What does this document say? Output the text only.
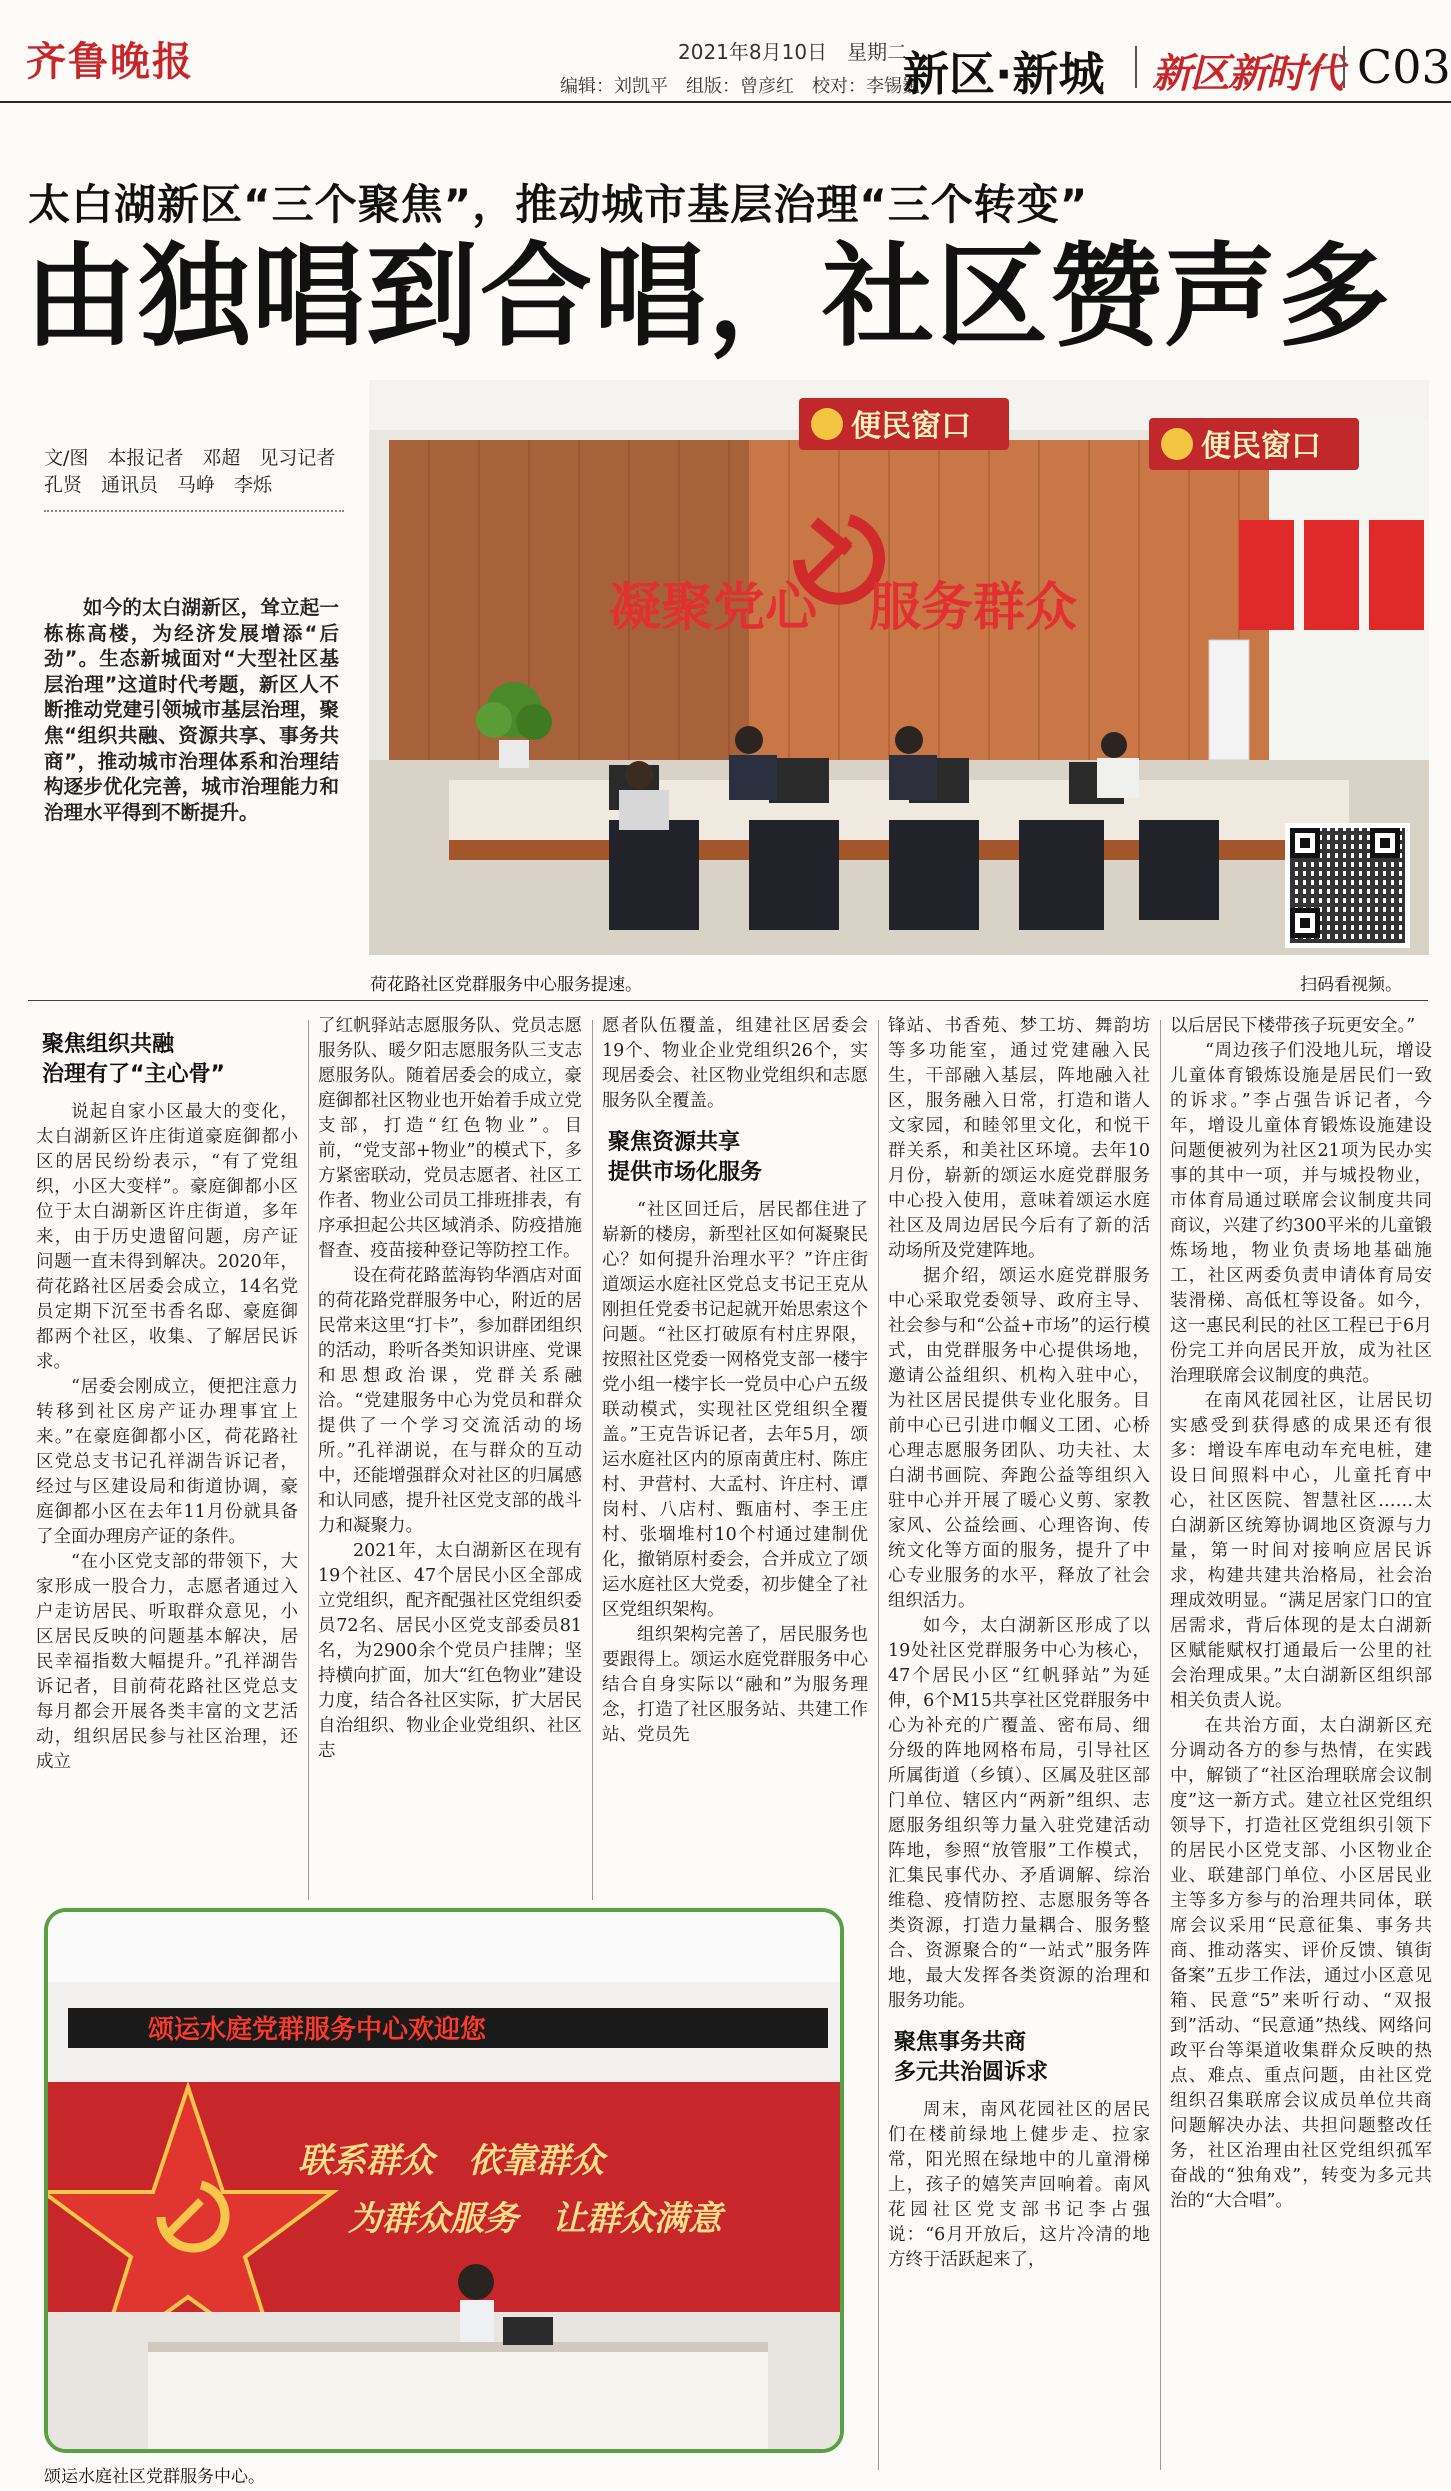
齐鲁晚报	2021年8月10日　 星期二
编辑：刘凯平　 组版：曾彦红　 校对：李锡巍
新区·新城 新区新时代 C03
太白湖新区“三个聚焦”，推动城市基层治理“三个转变”
由独唱到合唱，社区赞声多
凝聚党心　服务群众
便民窗口
便民窗口
荷花路社区党群服务中心服务提速。	扫码看视频。
文/图　本报记者　邓超　见习记者
孔贤　通讯员　马峥　李烁
如今的太白湖新区，耸立起一栋栋高楼，为经济发展增添“后劲”。生态新城面对“大型社区基层治理”这道时代考题，新区人不断推动党建引领城市基层治理，聚焦“组织共融、资源共享、事务共商”，推动城市治理体系和治理结构逐步优化完善，城市治理能力和治理水平得到不断提升。
聚焦组织共融
治理有了“主心骨”

说起自家小区最大的变化，太白湖新区许庄街道豪庭御都小区的居民纷纷表示，“有了党组织，小区大变样”。豪庭御都小区位于太白湖新区许庄街道，多年来，由于历史遗留问题，房产证问题一直未得到解决。2020年，荷花路社区居委会成立，14名党员定期下沉至书香名邸、豪庭御都两个社区，收集、了解居民诉求。

“居委会刚成立，便把注意力转移到社区房产证办理事宜上来。”在豪庭御都小区，荷花路社区党总支书记孔祥湖告诉记者，经过与区建设局和街道协调，豪庭御都小区在去年11月份就具备了全面办理房产证的条件。

“在小区党支部的带领下，大家形成一股合力，志愿者通过入户走访居民、听取群众意见，小区居民反映的问题基本解决，居民幸福指数大幅提升。”孔祥湖告诉记者，目前荷花路社区党总支每月都会开展各类丰富的文艺活动，组织居民参与社区治理，还成立

了红帆驿站志愿服务队、党员志愿服务队、暖夕阳志愿服务队三支志愿服务队。随着居委会的成立，豪庭御都社区物业也开始着手成立党支部，打造“红色物业”。目前，“党支部+物业”的模式下，多方紧密联动，党员志愿者、社区工作者、物业公司员工排班排表，有序承担起公共区域消杀、防疫措施督查、疫苗接种登记等防控工作。

设在荷花路蓝海钧华酒店对面的荷花路党群服务中心，附近的居民常来这里“打卡”，参加群团组织的活动，聆听各类知识讲座、党课和思想政治课，党群关系融洽。“党建服务中心为党员和群众提供了一个学习交流活动的场所。”孔祥湖说，在与群众的互动中，还能增强群众对社区的归属感和认同感，提升社区党支部的战斗力和凝聚力。

2021年，太白湖新区在现有19个社区、47个居民小区全部成立党组织，配齐配强社区党组织委员72名、居民小区党支部委员81名，为2900余个党员户挂牌；坚持横向扩面，加大“红色物业”建设力度，结合各社区实际，扩大居民自治组织、物业企业党组织、社区志

愿者队伍覆盖，组建社区居委会19个、物业企业党组织26个，实现居委会、社区物业党组织和志愿服务队全覆盖。

聚焦资源共享
提供市场化服务

“社区回迁后，居民都住进了崭新的楼房，新型社区如何凝聚民心？如何提升治理水平？”许庄街道颂运水庭社区党总支书记王克从刚担任党委书记起就开始思索这个问题。“社区打破原有村庄界限，按照社区党委一网格党支部一楼宇党小组一楼宇长一党员中心户五级联动模式，实现社区党组织全覆盖。”王克告诉记者，去年5月，颂运水庭社区内的原南黄庄村、陈庄村、尹营村、大孟村、许庄村、谭岗村、八店村、甄庙村、李王庄村、张堌堆村10个村通过建制优化，撤销原村委会，合并成立了颂运水庭社区大党委，初步健全了社区党组织架构。

组织架构完善了，居民服务也要跟得上。颂运水庭党群服务中心结合自身实际以“融和”为服务理念，打造了社区服务站、共建工作站、党员先

锋站、书香苑、梦工坊、舞韵坊等多功能室，通过党建融入民生，干部融入基层，阵地融入社区，服务融入日常，打造和谐人文家园，和睦邻里文化，和悦干群关系，和美社区环境。去年10月份，崭新的颂运水庭党群服务中心投入使用，意味着颂运水庭社区及周边居民今后有了新的活动场所及党建阵地。

据介绍，颂运水庭党群服务中心采取党委领导、政府主导、社会参与和“公益+市场”的运行模式，由党群服务中心提供场地，邀请公益组织、机构入驻中心，为社区居民提供专业化服务。目前中心已引进巾帼义工团、心桥心理志愿服务团队、功夫社、太白湖书画院、奔跑公益等组织入驻中心并开展了暖心义剪、家教家风、公益绘画、心理咨询、传统文化等方面的服务，提升了中心专业服务的水平，释放了社会组织活力。

如今，太白湖新区形成了以19处社区党群服务中心为核心，47个居民小区“红帆驿站”为延伸，6个M15共享社区党群服务中心为补充的广覆盖、密布局、细分级的阵地网格布局，引导社区所属街道（乡镇）、区属及驻区部门单位、辖区内“两新”组织、志愿服务组织等力量入驻党建活动阵地，参照“放管服”工作模式，汇集民事代办、矛盾调解、综治维稳、疫情防控、志愿服务等各类资源，打造力量耦合、服务整合、资源聚合的“一站式”服务阵地，最大发挥各类资源的治理和服务功能。

聚焦事务共商
多元共治圆诉求

周末，南风花园社区的居民们在楼前绿地上健步走、拉家常，阳光照在绿地中的儿童滑梯上，孩子的嬉笑声回响着。南风花园社区党支部书记李占强说：“6月开放后，这片冷清的地方终于活跃起来了，

以后居民下楼带孩子玩更安全。”

“周边孩子们没地儿玩，增设儿童体育锻炼设施是居民们一致的诉求。”李占强告诉记者，今年，增设儿童体育锻炼设施建设问题便被列为社区21项为民办实事的其中一项，并与城投物业，市体育局通过联席会议制度共同商议，兴建了约300平米的儿童锻炼场地，物业负责场地基础施工，社区两委负责申请体育局安装滑梯、高低杠等设备。如今，这一惠民利民的社区工程已于6月份完工并向居民开放，成为社区治理联席会议制度的典范。

在南风花园社区，让居民切实感受到获得感的成果还有很多：增设车库电动车充电桩，建设日间照料中心，儿童托育中心，社区医院、智慧社区……太白湖新区统筹协调地区资源与力量，第一时间对接响应居民诉求，构建共建共治格局，社会治理成效明显。“满足居家门口的宜居需求，背后体现的是太白湖新区赋能赋权打通最后一公里的社会治理成果。”太白湖新区组织部相关负责人说。

在共治方面，太白湖新区充分调动各方的参与热情，在实践中，解锁了“社区治理联席会议制度”这一新方式。建立社区党组织领导下，打造社区党组织引领下的居民小区党支部、小区物业企业、联建部门单位、小区居民业主等多方参与的治理共同体，联席会议采用“民意征集、事务共商、推动落实、评价反馈、镇街备案”五步工作法，通过小区意见箱、民意“5”来听行动、“双报到”活动、“民意通”热线、网络问政平台等渠道收集群众反映的热点、难点、重点问题，由社区党组织召集联席会议成员单位共商问题解决办法、共担问题整改任务，社区治理由社区党组织孤军奋战的“独角戏”，转变为多元共治的“大合唱”。

颂运水庭党群服务中心欢迎您
联系群众　依靠群众
为群众服务　让群众满意
颂运水庭社区党群服务中心。
